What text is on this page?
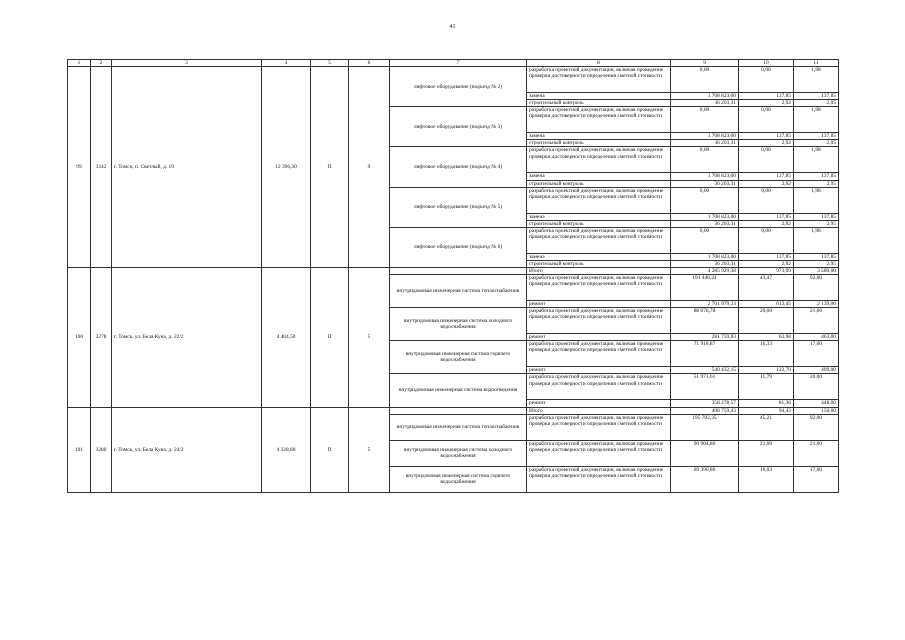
41
1	2	3	4	5	6	7	8	9	10	11
99	3342	г. Томск, п. Светлый, д. 19	12 396,30	П	9	лифтовое оборудование (подъезд № 2)	разработка проектной документации, включая проведение проверки достоверности определения сметной стоимости	0,00	0,00	1,98
							замена	1 708 823,00	137,85	137,85
							строительный контроль	36 203,31	2,92	2,95
						лифтовое оборудование (подъезд № 3)	разработка проектной документации, включая проведение проверки достоверности определения сметной стоимости	0,00	0,00	1,98
							замена	1 708 823,00	137,85	137,85
							строительный контроль	36 203,31	2,92	2,95
						лифтовое оборудование (подъезд № 4)	разработка проектной документации, включая проведение проверки достоверности определения сметной стоимости	0,00	0,00	1,98
							замена	1 708 823,00	137,85	137,85
							строительный контроль	36 203,31	2,92	2,95
						лифтовое оборудование (подъезд № 5)	разработка проектной документации, включая проведение проверки достоверности определения сметной стоимости	0,00	0,00	1,98
							замена	1 708 823,00	137,85	137,85
							строительный контроль	36 203,31	2,92	2,95
						лифтовое оборудование (подъезд № 6)	разработка проектной документации, включая проведение проверки достоверности определения сметной стоимости	0,00	0,00	1,98
							замена	1 708 823,00	137,85	137,85
							строительный контроль	36 203,31	2,92	2,95
100	3278	г. Томск, ул. Бела Куна, д. 22/2	4 404,50	П	5		Итого	4 285 929,38	973,09	3 589,00
						внутридомовая инженерная система теплоснабжения	разработка проектной документации, включая проведение проверки достоверности определения сметной стоимости	191 446,24	43,47	92,00
							ремонт	2 701 979,33	613,45	2 139,00
						внутридомовая инженерная система холодного водоснабжения	разработка проектной документации, включая проведение проверки достоверности определения сметной стоимости	88 076,78	20,00	21,00
							ремонт	281 759,83	63,98	463,00
						внутридомовая инженерная система горячего водоснабжения	разработка проектной документации, включая проведение проверки достоверности определения сметной стоимости	71 918,87	16,33	17,00
							ремонт	540 432,15	122,70	409,00
						внутридомовая инженерная система водоотведения	разработка проектной документации, включая проведение проверки достоверности определения сметной стоимости	51 971,61	11,79	20,00
							ремонт	358 278,57	81,36	448,00
101	3280	г. Томск, ул. Бела Куна, д. 24/2	4 328,80	П	5		Итого	408 759,43	94,43	150,00
						внутридомовая инженерная система теплоснабжения	разработка проектной документации, включая проведение проверки достоверности определения сметной стоимости	195 702,35	45,21	92,00
						внутридомовая инженерная система холодного водоснабжения	разработка проектной документации, включая проведение проверки достоверности определения сметной стоимости	90 904,80	21,00	21,00
						внутридомовая инженерная система горячего водоснабжения	разработка проектной документации, включая проведение проверки достоверности определения сметной стоимости	69 390,86	16,03	17,00
